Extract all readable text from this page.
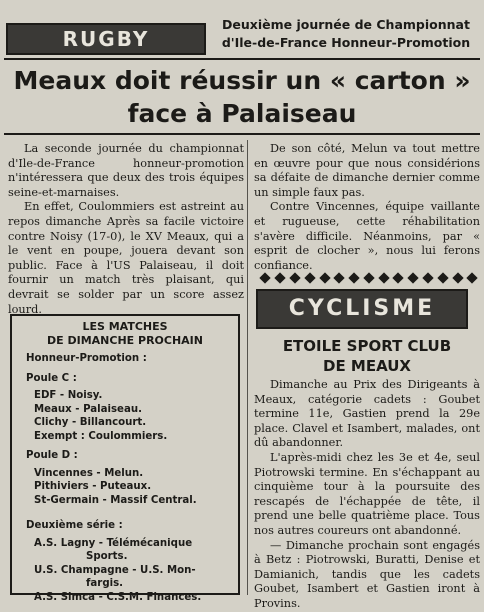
RUGBY
Deuxième journée de Championnat
d'Ile-de-France Honneur-Promotion
Meaux doit réussir un « carton »
face à Palaiseau

La seconde journée du championnat d'Ile-de-France honneur-promotion n'intéressera que deux des trois équipes seine-et-marnaises.

En effet, Coulommiers est astreint au repos dimanche Après sa facile victoire contre Noisy (17-0), le XV Meaux, qui a le vent en poupe, jouera devant son public. Face à l'US Palaiseau, il doit fournir un match très plaisant, qui devrait se solder par un score assez lourd.

De son côté, Melun va tout mettre en œuvre pour que nous considérions sa défaite de dimanche dernier comme un simple faux pas.

Contre Vincennes, équipe vaillante et rugueuse, cette réhabilitation s'avère difficile. Néanmoins, par « esprit de clocher », nous lui ferons confiance.

LES MATCHES
DE DIMANCHE PROCHAIN
Honneur-Promotion :
Poule C :
EDF - Noisy.
Meaux - Palaiseau.
Clichy - Billancourt.
Exempt : Coulommiers.
Poule D :
Vincennes - Melun.
Pithiviers - Puteaux.
St-Germain - Massif Central.
Deuxième série :
A.S. Lagny - Télémécanique
Sports.
U.S. Champagne - U.S. Mon-
fargis.
A.S. Simca - C.S.M. Finances.
CYCLISME
ETOILE SPORT CLUB
DE MEAUX

Dimanche au Prix des Dirigeants à Meaux, catégorie cadets : Goubet termine 11e, Gastien prend la 29e place. Clavel et Isambert, malades, ont dû abandonner.

L'après-midi chez les 3e et 4e, seul Piotrowski termine. En s'échappant au cinquième tour à la poursuite des rescapés de l'échappée de tête, il prend une belle quatrième place. Tous nos autres coureurs ont abandonné.

— Dimanche prochain sont engagés à Betz : Piotrowski, Buratti, Denise et Damianich, tandis que les cadets Goubet, Isambert et Gastien iront à Provins.
